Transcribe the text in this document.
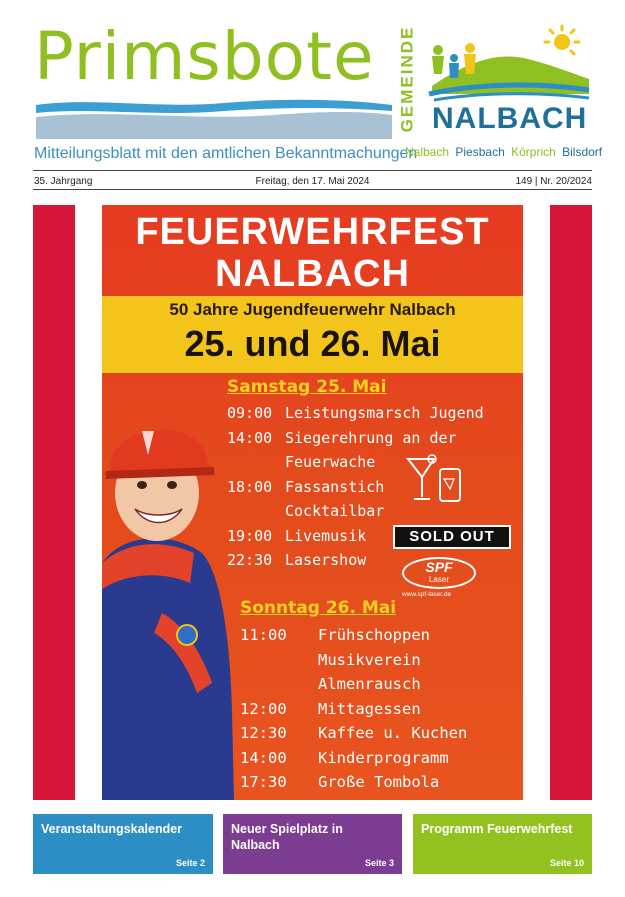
Primsbote
Mitteilungsblatt mit den amtlichen Bekanntmachungen
GEMEINDE NALBACH
Nalbach Piesbach Körprich Bilsdorf
35. Jahrgang	Freitag, den 17. Mai 2024	149 | Nr. 20/2024
FEUERWEHRFEST
NALBACH
50 Jahre Jugendfeuerwehr Nalbach
25. und 26. Mai
Samstag 25. Mai
09:00 Leistungsmarsch Jugend
14:00 Siegerehrung an der
Feuerwache
18:00 Fassanstich
Cocktailbar
19:00 Livemusik
22:30 Lasershow
SOLD OUT
SPF
Laser
www.spf-laser.de
Sonntag 26. Mai
11:00	Frühschoppen
Musikverein
Almenrausch
12:00	Mittagessen
12:30	Kaffee u. Kuchen
14:00	Kinderprogramm
17:30	Große Tombola
Veranstaltungskalender
Seite 2
Neuer Spielplatz in Nalbach
Seite 3
Programm Feuerwehrfest
Seite 10
